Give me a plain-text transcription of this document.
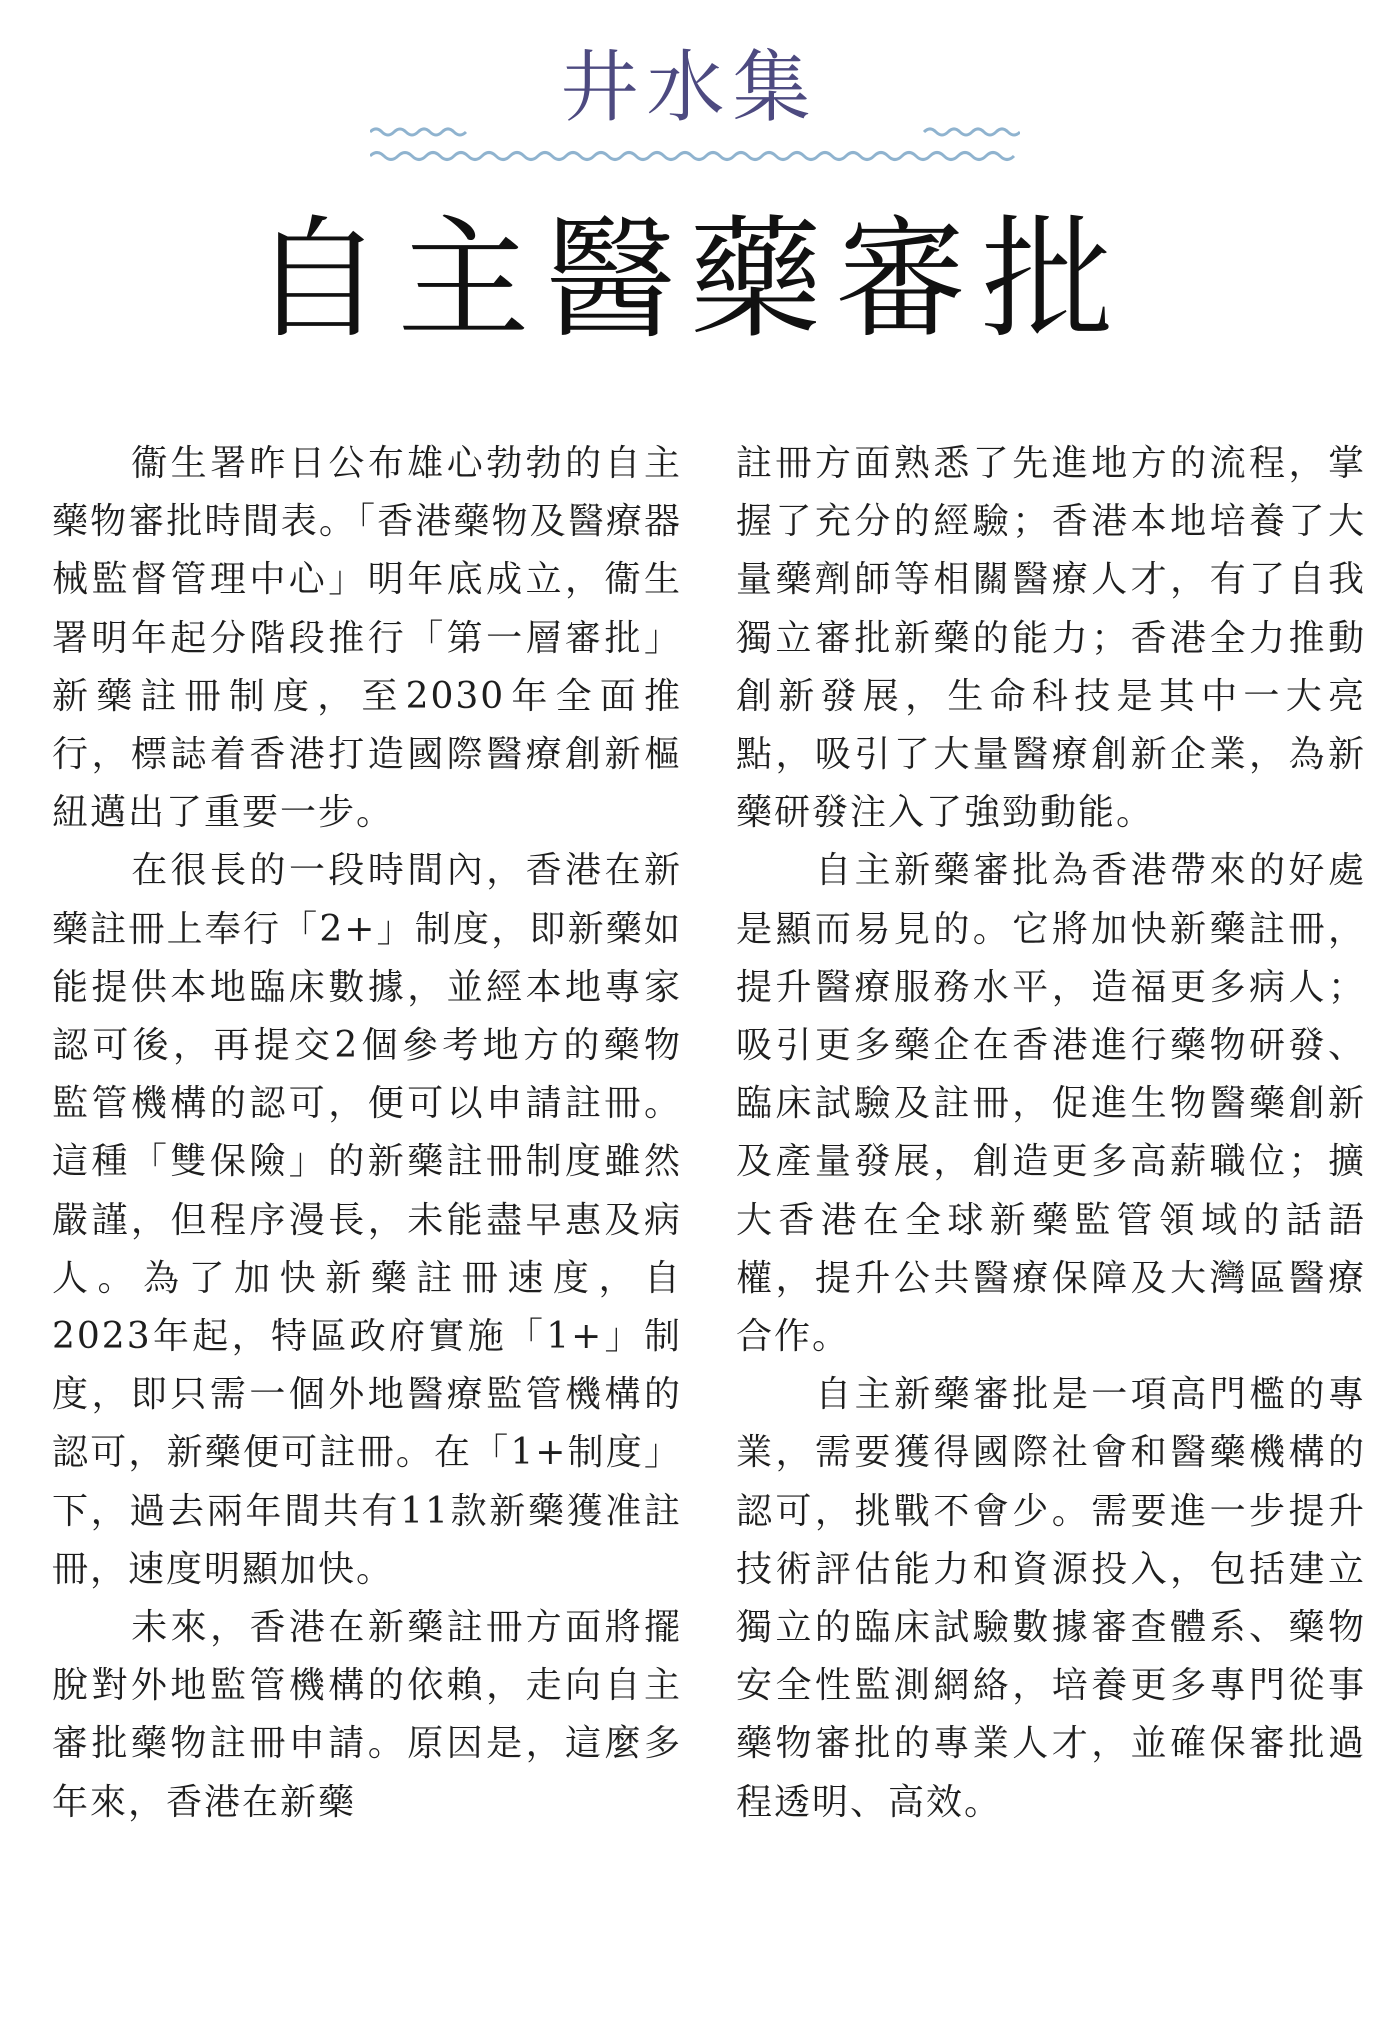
井水集
自主醫藥審批

衞生署昨日公布雄心勃勃的自主藥物審批時間表。「香港藥物及醫療器械監督管理中心」明年底成立，衞生署明年起分階段推行「第一層審批」新藥註冊制度，至2030年全面推行，標誌着香港打造國際醫療創新樞紐邁出了重要一步。

在很長的一段時間內，香港在新藥註冊上奉行「2+」制度，即新藥如能提供本地臨床數據，並經本地專家認可後，再提交2個參考地方的藥物監管機構的認可，便可以申請註冊。這種「雙保險」的新藥註冊制度雖然嚴謹，但程序漫長，未能盡早惠及病人。為了加快新藥註冊速度，自2023年起，特區政府實施「1+」制度，即只需一個外地醫療監管機構的認可，新藥便可註冊。在「1+制度」下，過去兩年間共有11款新藥獲准註冊，速度明顯加快。

未來，香港在新藥註冊方面將擺脫對外地監管機構的依賴，走向自主審批藥物註冊申請。原因是，這麼多年來，香港在新藥

註冊方面熟悉了先進地方的流程，掌握了充分的經驗；香港本地培養了大量藥劑師等相關醫療人才，有了自我獨立審批新藥的能力；香港全力推動創新發展，生命科技是其中一大亮點，吸引了大量醫療創新企業，為新藥研發注入了強勁動能。

自主新藥審批為香港帶來的好處是顯而易見的。它將加快新藥註冊，提升醫療服務水平，造福更多病人；吸引更多藥企在香港進行藥物研發、臨床試驗及註冊，促進生物醫藥創新及產量發展，創造更多高薪職位；擴大香港在全球新藥監管領域的話語權，提升公共醫療保障及大灣區醫療合作。

自主新藥審批是一項高門檻的專業，需要獲得國際社會和醫藥機構的認可，挑戰不會少。需要進一步提升技術評估能力和資源投入，包括建立獨立的臨床試驗數據審查體系、藥物安全性監測網絡，培養更多專門從事藥物審批的專業人才，並確保審批過程透明、高效。
